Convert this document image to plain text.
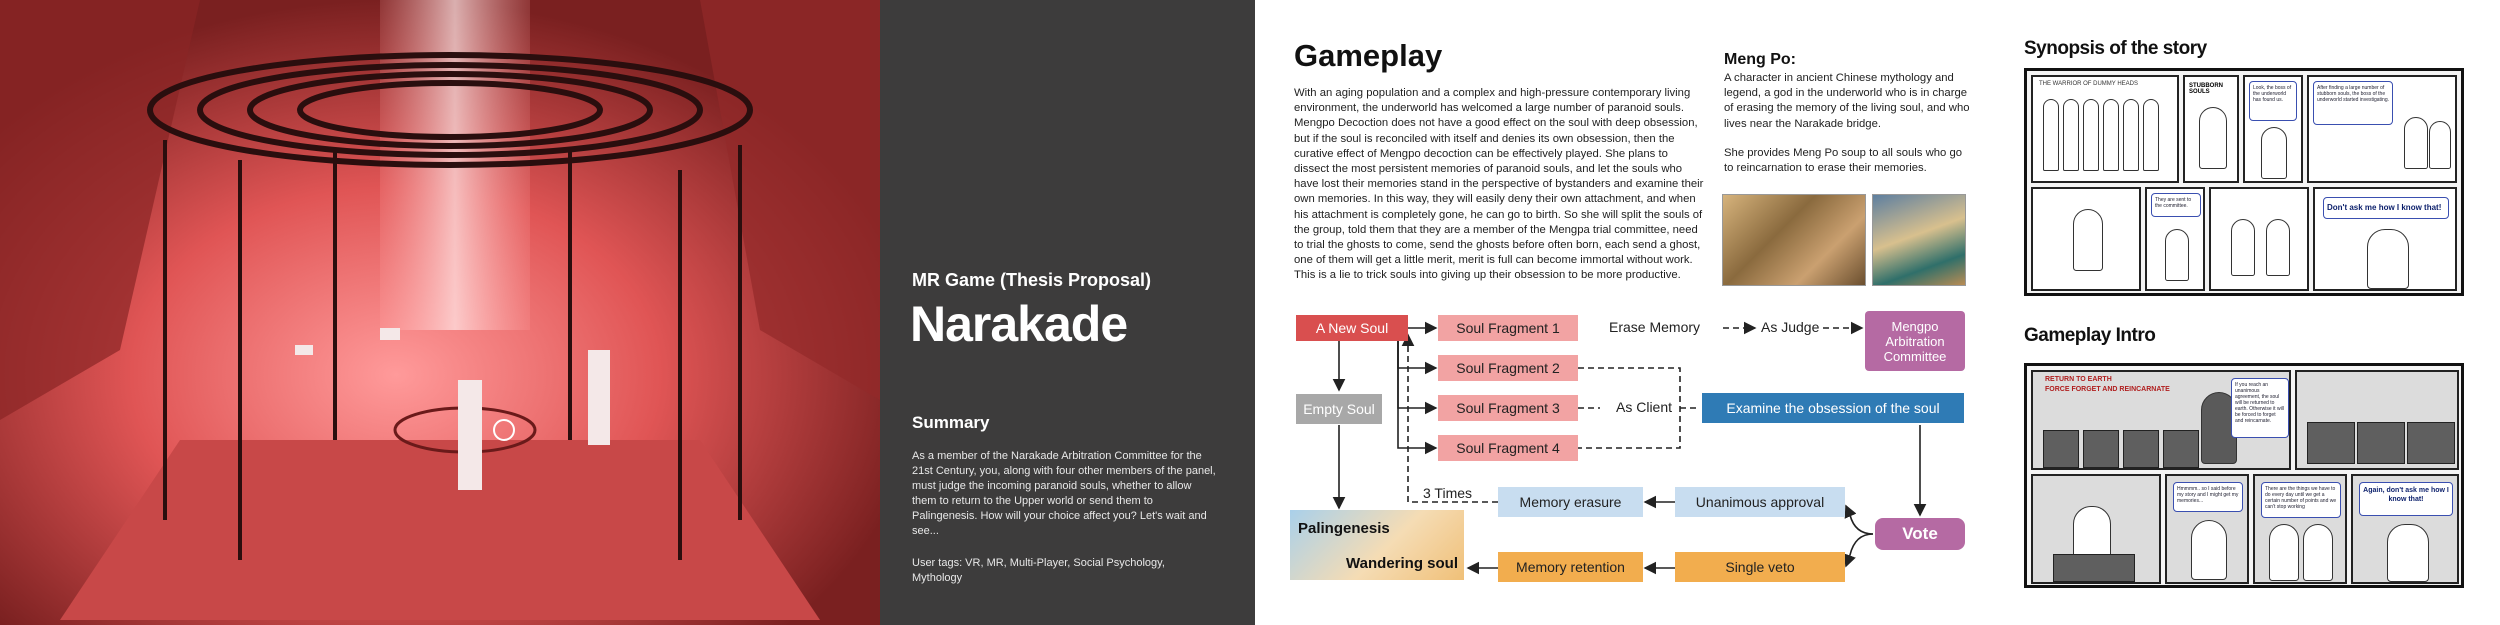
MR Game (Thesis Proposal)
Narakade
Summary
As a member of the Narakade Arbitration Committee for the 21st Century, you, along with four other members of the panel, must judge the incoming paranoid souls, whether to allow them to return to the Upper world or send them to Palingenesis. How will your choice affect you? Let's wait and see...
User tags: VR, MR, Multi-Player, Social Psychology, Mythology
Gameplay
With an aging population and a complex and high-pressure contemporary living environment, the underworld has welcomed a large number of paranoid souls. Mengpo Decoction does not have a good effect on the soul with deep obsession, but if the soul is reconciled with itself and denies its own obsession, then the curative effect of Mengpo decoction can be effectively played. She plans to dissect the most persistent memories of paranoid souls, and let the souls who have lost their memories stand in the perspective of bystanders and examine their own memories. In this way, they will easily deny their own attachment, and when his attachment is completely gone, he can go to birth. So she will split the souls of the group, told them that they are a member of the Mengpa trial committee, need to trial the ghosts to come, send the ghosts before often born, each send a ghost, one of them will get a little merit, merit is full can become immortal without work. This is a lie to trick souls into giving up their obsession to be more productive.
Meng Po:
A character in ancient Chinese mythology and legend, a god in the underworld who is in charge of erasing the memory of the living soul, and who lives near the Narakade bridge.
She provides Meng Po soup to all souls who go to reincarnation to erase their memories.
A New Soul	Soul Fragment 1
Soul Fragment 2
Soul Fragment 3
Soul Fragment 4
Erase Memory	As Judge	Mengpo Arbitration Committee
Empty Soul	As Client	Examine the obsession of the soul
3 Times
Memory erasure	Unanimous approval
Vote
Palingenesis
Wandering soul	Memory retention	Single veto
Synopsis of the story
THE WARRIOR OF DUMMY HEADS	STUBBORN SOULS
Look, the boss of the underworld has found us.
After finding a large number of stubborn souls, the boss of the underworld started investigating.
They are sent to the committee.	Don't ask me how I know that!
Gameplay Intro
RETURN TO EARTH
FORCE FORGET AND REINCARNATE
If you reach an unanimous agreement, the soul will be returned to earth. Otherwise it will be forced to forget and reincarnate.
Hmmmm.. so I said before my story and I might get my memories...
There are the things we have to do every day until we get a certain number of points and we can't stop working
Again, don't ask me how I know that!
